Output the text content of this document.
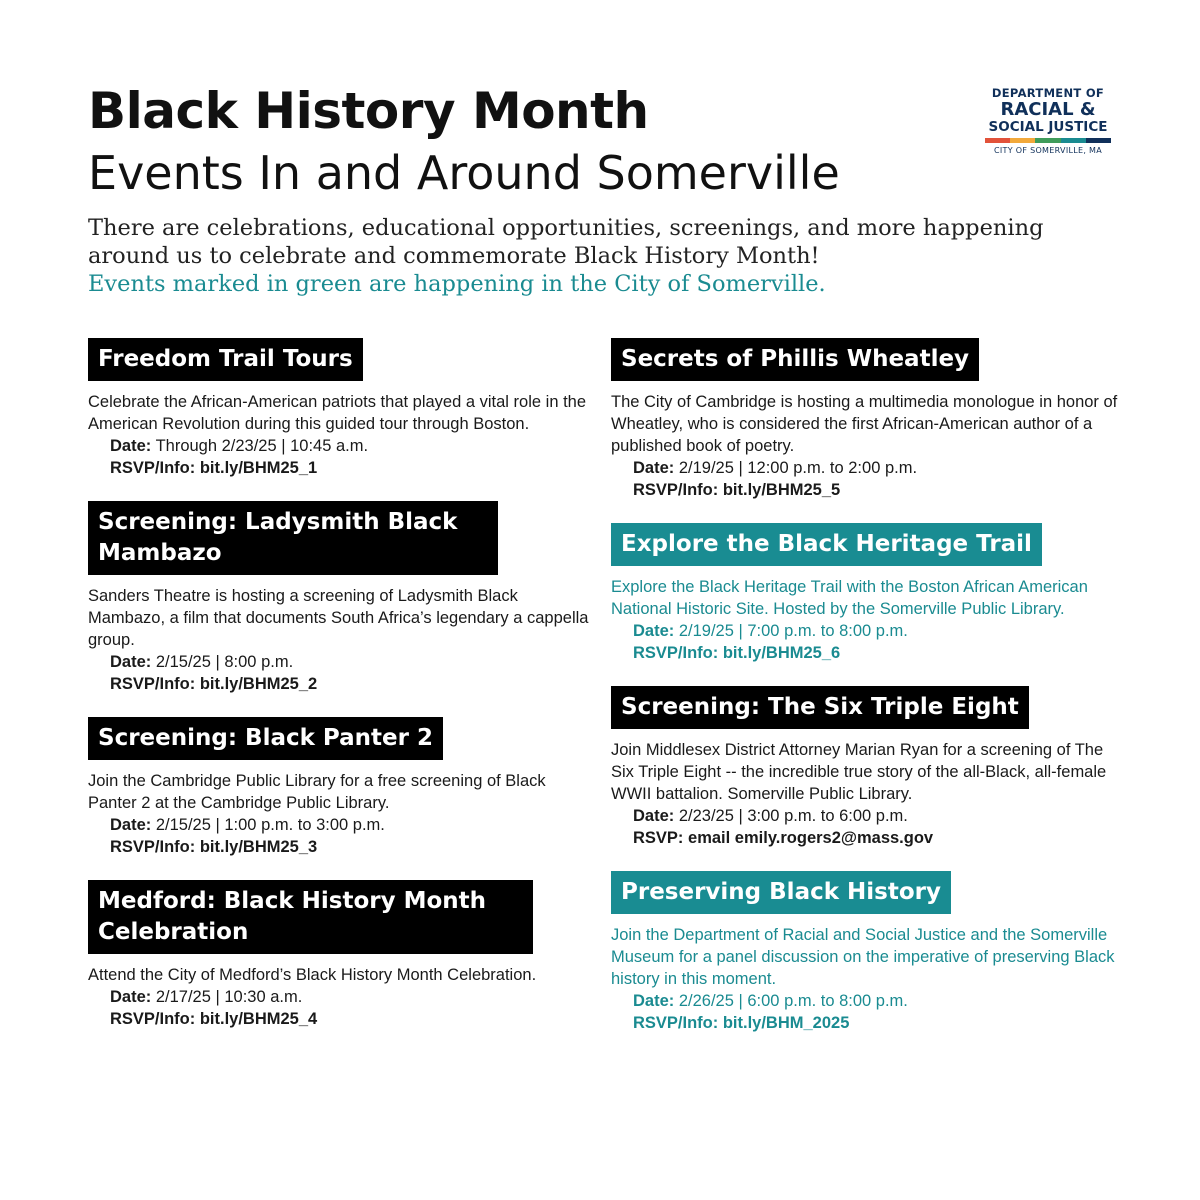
Black History Month
Events In and Around Somerville
DEPARTMENT OF
RACIAL &
SOCIAL JUSTICE
CITY OF SOMERVILLE, MA

There are celebrations, educational opportunities, screenings, and more happening around us to celebrate and commemorate Black History Month!
Events marked in green are happening in the City of Somerville.

Freedom Trail Tours

Celebrate the African-American patriots that played a vital role in the American Revolution during this guided tour through Boston.

Date: Through 2/23/25 | 10:45 a.m.
RSVP/Info: bit.ly/BHM25_1
Screening: Ladysmith Black Mambazo

Sanders Theatre is hosting a screening of Ladysmith Black Mambazo, a film that documents South Africa’s legendary a cappella group.

Date: 2/15/25 | 8:00 p.m.
RSVP/Info: bit.ly/BHM25_2
Screening: Black Panter 2

Join the Cambridge Public Library for a free screening of Black Panter 2 at the Cambridge Public Library.

Date: 2/15/25 | 1:00 p.m. to 3:00 p.m.
RSVP/Info: bit.ly/BHM25_3
Medford: Black History Month Celebration

Attend the City of Medford’s Black History Month Celebration.

Date: 2/17/25 | 10:30 a.m.
RSVP/Info: bit.ly/BHM25_4
Secrets of Phillis Wheatley

The City of Cambridge is hosting a multimedia monologue in honor of Wheatley, who is considered the first African-American author of a published book of poetry.

Date: 2/19/25 | 12:00 p.m. to 2:00 p.m.
RSVP/Info: bit.ly/BHM25_5
Explore the Black Heritage Trail

Explore the Black Heritage Trail with the Boston African American National Historic Site. Hosted by the Somerville Public Library.

Date: 2/19/25 | 7:00 p.m. to 8:00 p.m.
RSVP/Info: bit.ly/BHM25_6
Screening: The Six Triple Eight

Join Middlesex District Attorney Marian Ryan for a screening of The Six Triple Eight -- the incredible true story of the all-Black, all-female WWII battalion. Somerville Public Library.

Date: 2/23/25 | 3:00 p.m. to 6:00 p.m.
RSVP: email emily.rogers2@mass.gov
Preserving Black History

Join the Department of Racial and Social Justice and the Somerville Museum for a panel discussion on the imperative of preserving Black history in this moment.

Date: 2/26/25 | 6:00 p.m. to 8:00 p.m.
RSVP/Info: bit.ly/BHM_2025
